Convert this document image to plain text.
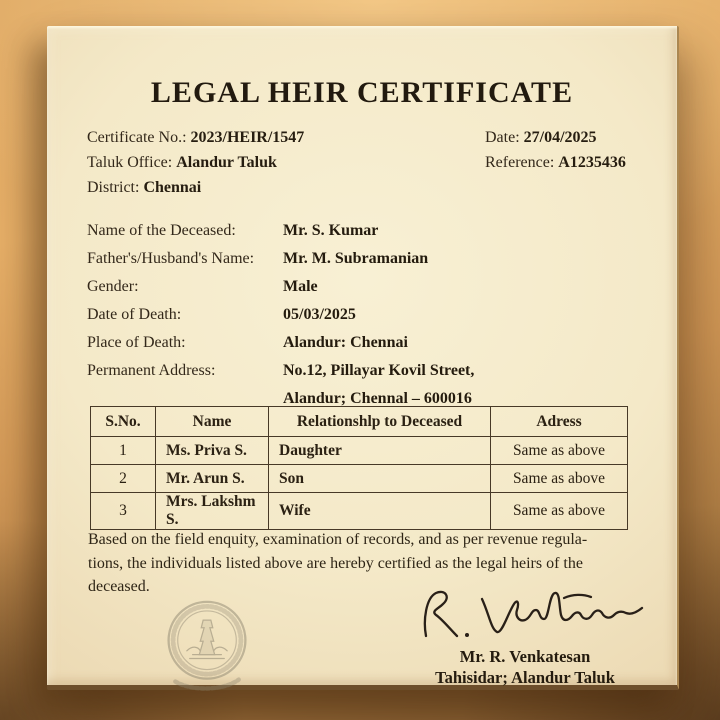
LEGAL HEIR CERTIFICATE
Certificate No.: 2023/HEIR/1547	Date: 27/04/2025
Taluk Office: Alandur Taluk	Reference: A1235436
District: Chennai
Name of the Deceased:	Mr. S. Kumar
Father's/Husband's Name:	Mr. M. Subramanian
Gender:	Male
Date of Death:	05/03/2025
Place of Death:	Alandur: Chennai
Permanent Address:	No.12, Pillayar Kovil Street,
Alandur; Chennal – 600016
S.No.	Name	Relationshlp to Deceased	Adress
1	Ms. Priva S.	Daughter	Same as above
2	Mr. Arun S.	Son	Same as above
3	Mrs. Lakshm S.	Wife	Same as above
Based on the field enquity, examination of records, and as per revenue regula-
tions, the individuals listed above are hereby certified as the legal heirs of the
deceased.
Mr. R. Venkatesan
Tahisidar; Alandur Taluk
